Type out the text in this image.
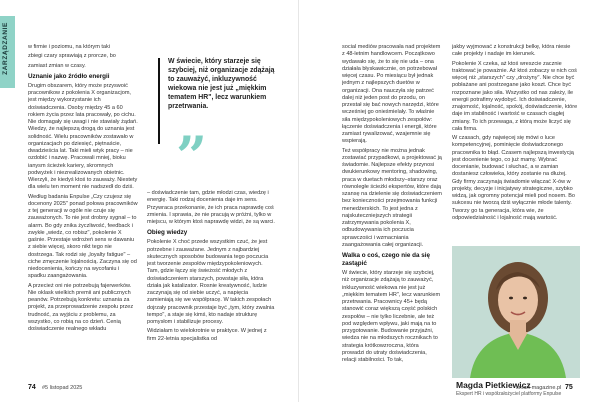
ZARZĄDZANIE	w firmie i poziomu, na którym taki

zbiegi czary sprawiają z prorcze, bo

zamiast zmian w czasy.

Uznanie jako źródło energii

Drugim obszarem, który może przyswoić pracownikow z pokolenia X organizacjom, jest między wykorzystanie ich doświadczenia. Osoby między 45 a 60 rokiem życia przez lata pracowały, po cichu. Nie domagały się uwagi i nie stawiały żądań. Wiedzy, że najlepszą drogą do uznania jest solidność. Wielu pracowników zostawało w organizacjach po dziesięć, piętnaście, dwadzieścia lat. Taki mieli wtyk pracy – nie ozdobić i nazwę. Pracowali mniej, bioku ianysm ścieżek kariery, skromnych podwyżek i niezrealizowanych obietnic. Wierzyli, że kiedyś ktoś to zauważy. Niestety dla wielu ten moment nie nadszedł do dziś.

Według badania Enpulse „Czy czujesz się docenony 2025" ponad połowa pracowników z tej generacji w ogóle nie czuje się zauważonych. To nie jest drobny sygnał – to alarm. Bo gdy znika życzliwość, feedback i zwykłe „wiedz, co robisz", pokolenie X gaśnie. Przestaje wdrożeń sens w dawaniu z siebie więcej, skoro nikt tego nie dostrzega. Tak rodzi się „loyalty fatigue" – ciche zmęczenie lojalnością. Zaczyna się od niedocenienia, kończy na wycofaniu i spadku zaangażowania.

A przecież oni nie potrzebują fajerwerków. Nie oklask wielkich premii ani publicznych peanów. Potrzebują konkretu: uznania za projekt, za przeprowadzenie zespołu przez trudność, za wyjściu z problemu, za wszystko, co robią na co dzień. Cenią doświadczenie realnego wkładu

W świecie, który starzeje się szybciej, niż organizacje zdążają to zauważyć, inkluzywność wiekowa nie jest już „miękkim tematem HR", lecz warunkiem przetrwania.
”

– doświadczenie tam, gdzie młodzi czas, wiedzę i energię. Taki rodzaj docenienia daje im sens. Przywraca przekonanie, że ich praca naprawdę coś zmienia. I sprawia, że nie pracują w próżni, tylko w miejscu, w którym ktoś naprawdę widzi, że są warci.

Obieg wiedzy

Pokolenie X choć przede wszystkim czuć, że jest potrzebne i zauważane. Jednym z najbardziej skutecznych sposobów budowania tego poczucia jest tworzenie zespołów międzypokoleniowych. Tam, gdzie łączy się świeżość młodych z doświadczeniem starszych, powstaje siła, która działa jak katalizator. Rosnie kreatywność, ludzie zaczynają się od siebie uczyć, a napięcia zamieniają się we współpracę. W takich zespołach dojrzały pracownik przestaje być „tym, który zwalnia tempo", a staje się kimś, kto nadaje strukturę pomysłom i stabilizuje procesy.

Widziałam to wielokrotnie w praktyce. W jednej z firm 22-letnia specjalistka od

social mediów pracowała nad projektem z 48-letnim handlowcem. Początkowo wydawało się, że to się nie uda – ona działała błyskawicznie, on potrzebował więcej czasu. Po miesiącu był jednak jednym z najlepszych duetów w organizacji. Ona nauczyła się patrzeć dalej niż jeden post do przodu, on przestał się bać nowych narzędzi, które wcześniej go onieśmielały. To właśnie siła międzypokoleniowych zespołów: łączenie doświadczenia i energii, które zamiast rywalizować, wzajemnie się wspierają.

Też współpracy nie można jednak zostawiać przypadkowi, a projektować ją świadomie. Najlepsze efekty przynosi dwukierunkowy mentoring, shadowing, praca w duetach młodszy–starszy oraz równoległe ścieżki ekspertów, które dają szansę na dzielenie się doświadczeniem bez konieczności przejmowania funkcji menedżerskich. To jest jedna z najskuteczniejszych strategii zatrzymywania pokolenia X, odbudowywania ich poczucia sprawczości i wzmacniania zaangażowania całej organizacji.

Walka o coś, czego nie da się zastąpić

W świecie, który starzeje się szybciej, niż organizacje zdążają to zauważyć, inkluzywność wiekowa nie jest już „miękkim tematem HR", lecz warunkiem przetrwania. Pracownicy 45+ będą stanowić coraz większą część polskich zespołów – nie tylko liczebnie, ale też pod względem wpływu, jaki mają na to przygotowanie. Budowanie przyjaźni, wiedza nie na młodszych rocznikach to strategia krótkowzroczna, która prowadzi do utraty doświadczenia, relacji stabilności. To tak,

jakby wyjmować z konstrukcji belkę, która niesie całe projekty i nadaje im kierunek.

Pokolenie X czeka, aż ktoś wreszcie zacznie traktować je poważnie. Aż ktoś zobaczy w nich coś więcej niż „starszych" czy „drożyny". Nie chce być pobłażane ani postrzegane jako koszt. Chce być rozpoznane jako siła. Wszystko od nas zależy, ile energii potrafimy wydobyć. Ich doświadczenie, znajomość, lojalność, spokój, doświadczenie, które daje im stabilność i wartość w czasach ciągłej zmiany. To ich przewaga, z którą może liczyć się cała firma.

W czasach, gdy najwięcej się mówi o luce kompetencyjnej, pominięcie doświadczonego pracownika to błąd. Czasem najlepszą inwestycją jest docenienie tego, co już mamy. Wybrać docenianie, budować i słuchać, a w zamian dostaniesz człowieka, który zostanie na dłużej. Gdy firmy zaczynają świadomie włączać X-ów w projekty, decyzje i inicjatywy strategiczne, szybko widzą, jak ogromny potencjał mieli pod nosem. Bo sukcesu nie tworzą dziś wyłącznie młode talenty. Tworzy go ta generacja, która wie, że odpowiedzialność i lojalność mają wartość.

Magda Pietkiewicz
Ekspert HR i współzałożyciel platformy Enpulse
74 #5 listopad 2025	smart-magazine.pl 75
